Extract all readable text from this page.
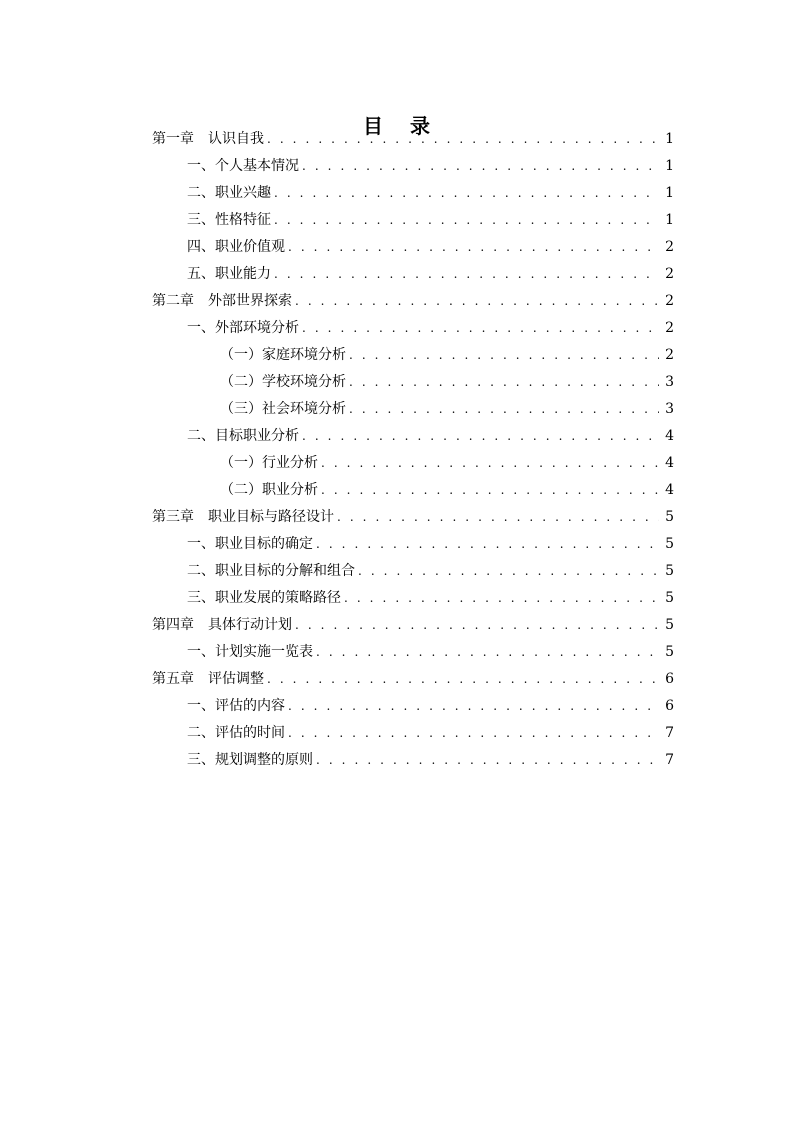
目 录
第一章　认识自我 . . .	1
一、个人基本情况 . . .	1
二、职业兴趣 . . .	1
三、性格特征 . . .	1
四、职业价值观 . . .	2
五、职业能力 . . .	2
第二章　外部世界探索 . . .	2
一、外部环境分析 . . .	2
（一）家庭环境分析 . . .	2
（二）学校环境分析 . . .	3
（三）社会环境分析 . . .	3
二、目标职业分析 . . .	4
（一）行业分析 . . .	4
（二）职业分析 . . .	4
第三章　职业目标与路径设计 . . .	5
一、职业目标的确定 . . .	5
二、职业目标的分解和组合 . . .	5
三、职业发展的策略路径 . . .	5
第四章　具体行动计划 . . .	5
一、计划实施一览表 . . .	5
第五章　评估调整 . . .	6
一、评估的内容 . . .	6
二、评估的时间 . . .	7
三、规划调整的原则 . . .	7
